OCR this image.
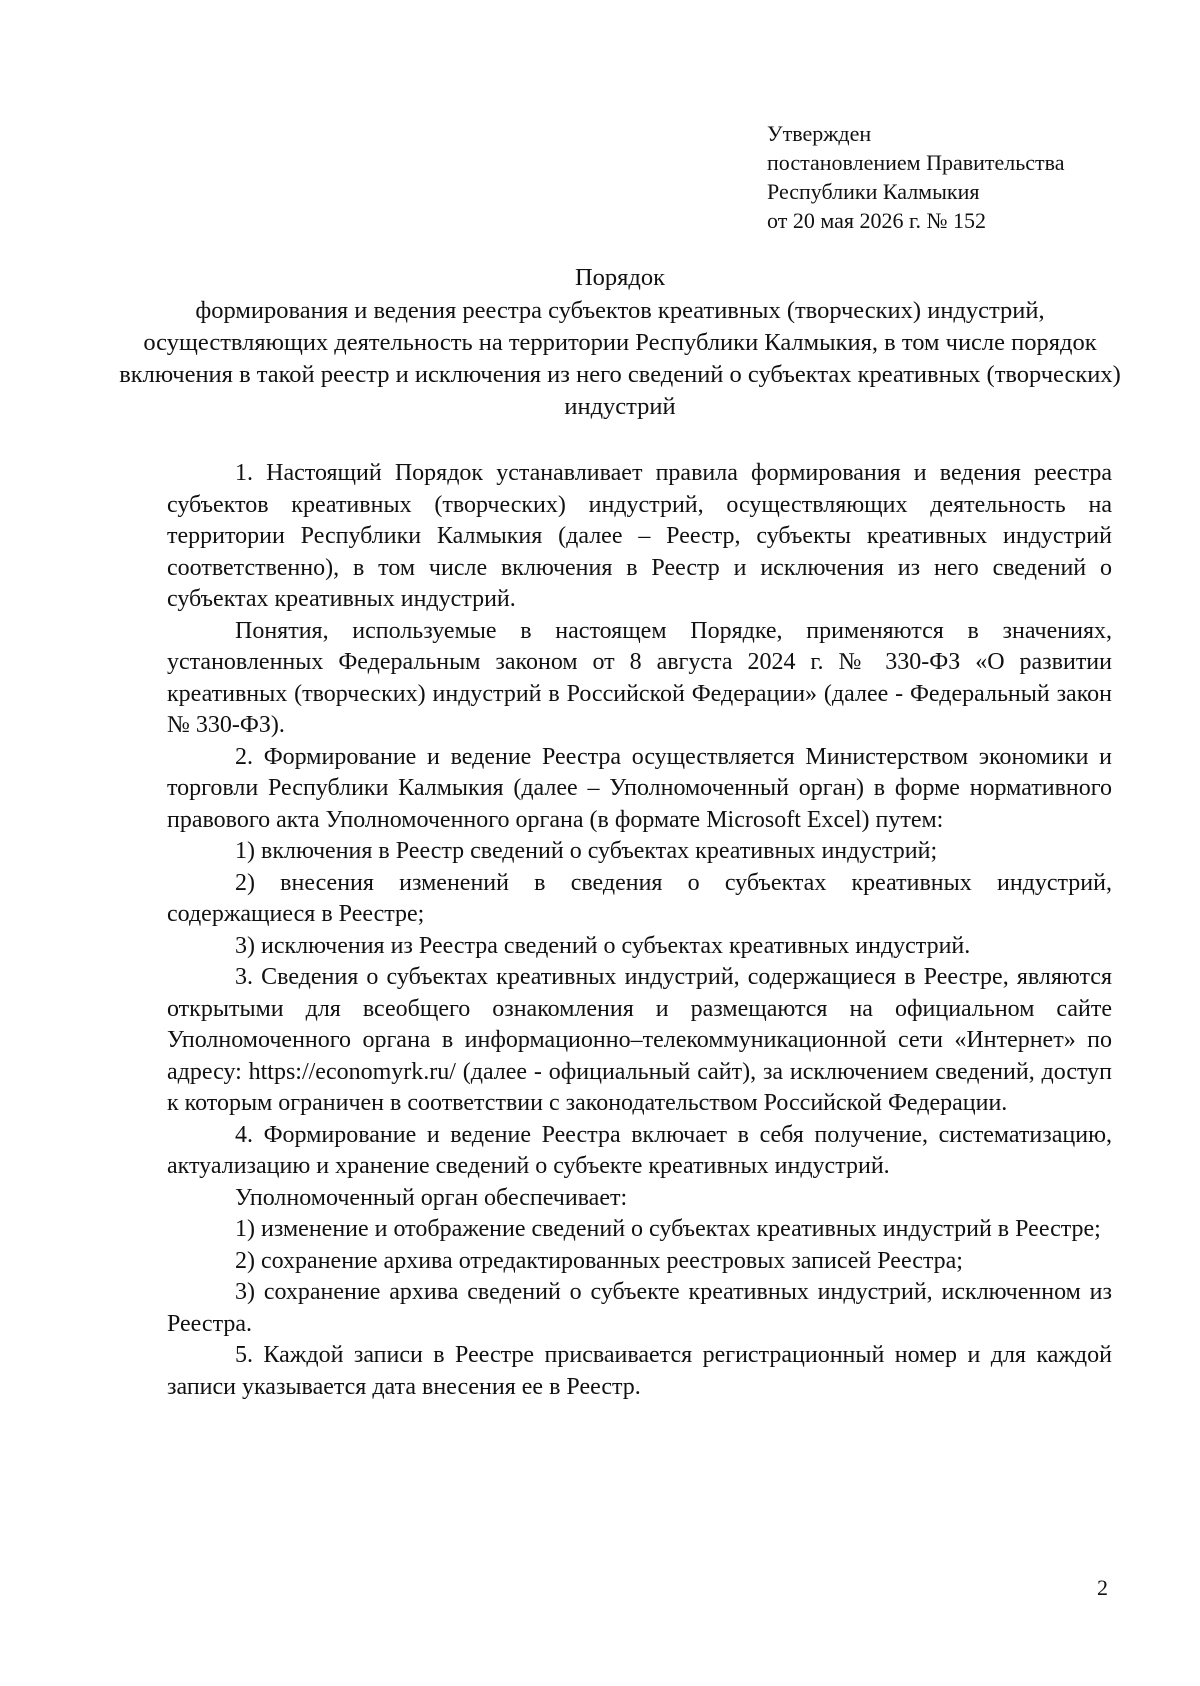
Утвержден
постановлением Правительства
Республики Калмыкия
от 20 мая 2026 г. № 152
Порядок
формирования и ведения реестра субъектов креативных (творческих) индустрий, осуществляющих деятельность на территории Республики Калмыкия, в том числе порядок включения в такой реестр и исключения из него сведений о субъектах креативных (творческих) индустрий

1. Настоящий Порядок устанавливает правила формирования и ведения реестра субъектов креативных (творческих) индустрий, осуществляющих деятельность на территории Республики Калмыкия (далее – Реестр, субъекты креативных индустрий соответственно), в том числе включения в Реестр и исключения из него сведений о субъектах креативных индустрий.

Понятия, используемые в настоящем Порядке, применяются в значениях, установленных Федеральным законом от 8 августа 2024 г. № 330-ФЗ «О развитии креативных (творческих) индустрий в Российской Федерации» (далее - Федеральный закон № 330-ФЗ).

2. Формирование и ведение Реестра осуществляется Министерством экономики и торговли Республики Калмыкия (далее – Уполномоченный орган) в форме нормативного правового акта Уполномоченного органа (в формате Microsoft Excel) путем:

1) включения в Реестр сведений о субъектах креативных индустрий;

2) внесения изменений в сведения о субъектах креативных индустрий, содержащиеся в Реестре;

3) исключения из Реестра сведений о субъектах креативных индустрий.

3. Сведения о субъектах креативных индустрий, содержащиеся в Реестре, являются открытыми для всеобщего ознакомления и размещаются на официальном сайте Уполномоченного органа в информационно–телекоммуникационной сети «Интернет» по адресу: https://economyrk.ru/ (далее - официальный сайт), за исключением сведений, доступ к которым ограничен в соответствии с законодательством Российской Федерации.

4. Формирование и ведение Реестра включает в себя получение, систематизацию, актуализацию и хранение сведений о субъекте креативных индустрий.

Уполномоченный орган обеспечивает:

1) изменение и отображение сведений о субъектах креативных индустрий в Реестре;

2) сохранение архива отредактированных реестровых записей Реестра;

3) сохранение архива сведений о субъекте креативных индустрий, исключенном из Реестра.

5. Каждой записи в Реестре присваивается регистрационный номер и для каждой записи указывается дата внесения ее в Реестр.

2
